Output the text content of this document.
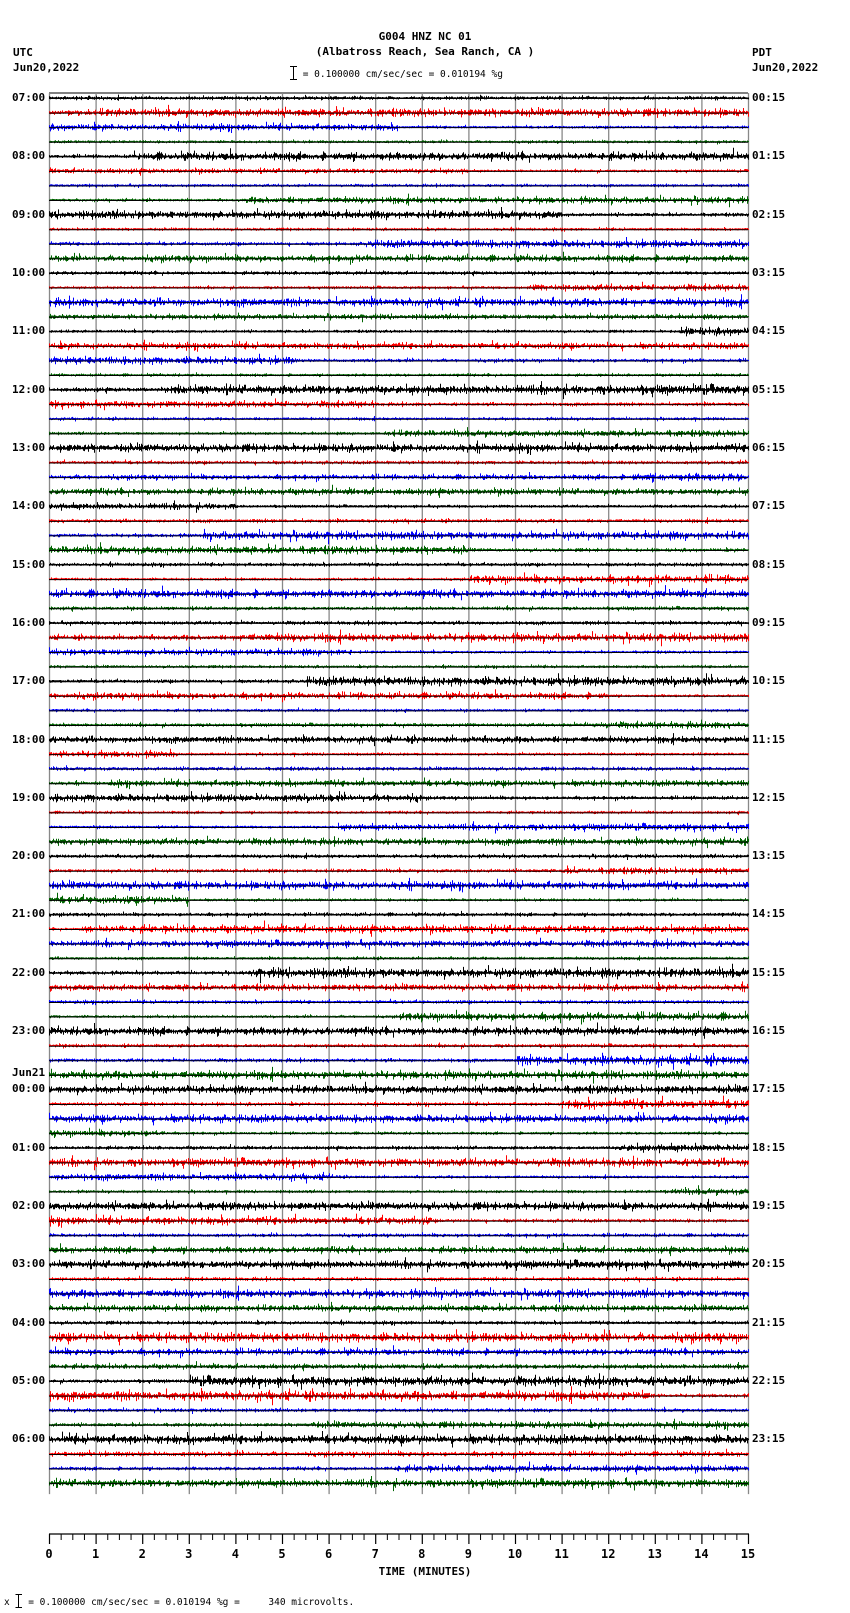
G004 HNZ NC 01
(Albatross Reach, Sea Ranch, CA )
= 0.100000 cm/sec/sec = 0.010194 %g
UTC
Jun20,2022
PDT
Jun20,2022
0	1	2	3	4	5	6	7	8	9	10	11	12	13	14	15
07:00
08:00
09:00
10:00
11:00
12:00
13:00
14:00
15:00
16:00
17:00
18:00
19:00
20:00
21:00
22:00
23:00
Jun21
00:00
01:00
02:00
03:00
04:00
05:00
06:00
00:15
01:15
02:15
03:15
04:15
05:15
06:15
07:15
08:15
09:15
10:15
11:15
12:15
13:15
14:15
15:15
16:15
17:15
18:15
19:15
20:15
21:15
22:15
23:15
TIME (MINUTES)
x = 0.100000 cm/sec/sec = 0.010194 %g =     340 microvolts.
